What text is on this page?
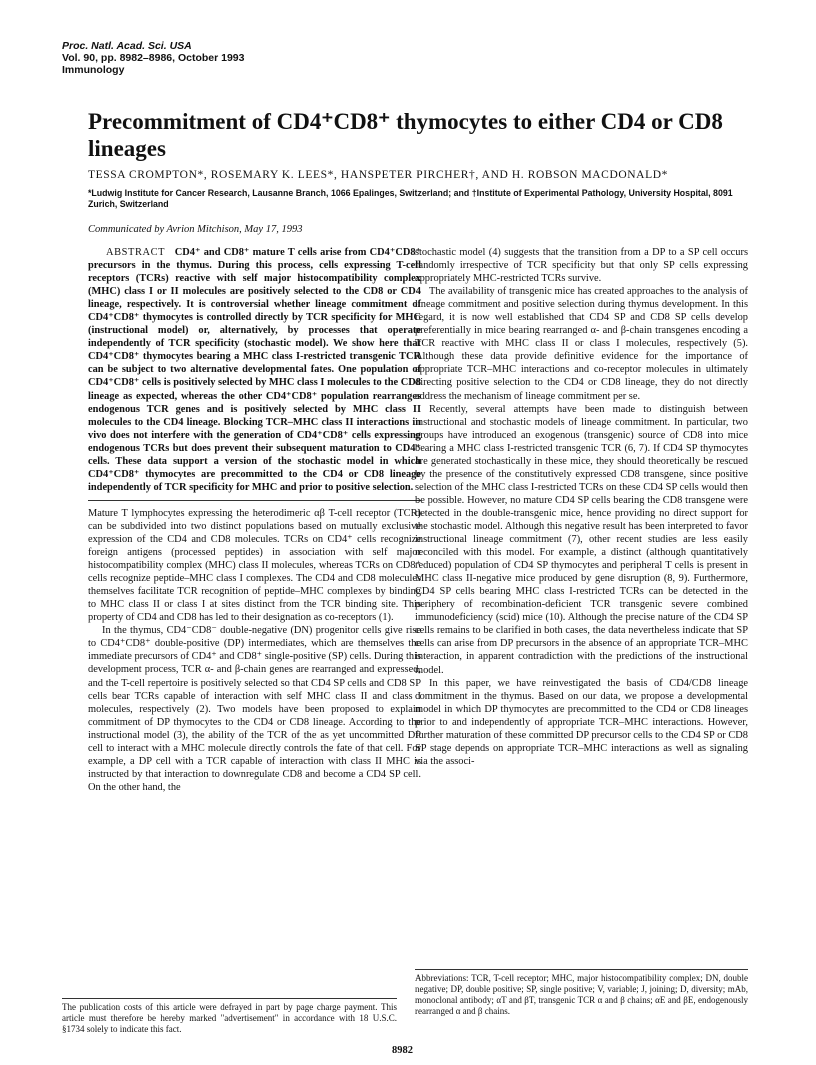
Proc. Natl. Acad. Sci. USA
Vol. 90, pp. 8982–8986, October 1993
Immunology
Precommitment of CD4⁺CD8⁺ thymocytes to either CD4 or CD8 lineages
TESSA CROMPTON*, ROSEMARY K. LEES*, HANSPETER PIRCHER†, AND H. ROBSON MACDONALD*
*Ludwig Institute for Cancer Research, Lausanne Branch, 1066 Epalinges, Switzerland; and †Institute of Experimental Pathology, University Hospital, 8091 Zurich, Switzerland
Communicated by Avrion Mitchison, May 17, 1993

ABSTRACT CD4⁺ and CD8⁺ mature T cells arise from CD4⁺CD8⁺ precursors in the thymus. During this process, cells expressing T-cell receptors (TCRs) reactive with self major histocompatibility complex (MHC) class I or II molecules are positively selected to the CD8 or CD4 lineage, respectively. It is controversial whether lineage commitment of CD4⁺CD8⁺ thymocytes is controlled directly by TCR specificity for MHC (instructional model) or, alternatively, by processes that operate independently of TCR specificity (stochastic model). We show here that CD4⁺CD8⁺ thymocytes bearing a MHC class I-restricted transgenic TCR can be subject to two alternative developmental fates. One population of CD4⁺CD8⁺ cells is positively selected by MHC class I molecules to the CD8 lineage as expected, whereas the other CD4⁺CD8⁺ population rearranges endogenous TCR genes and is positively selected by MHC class II molecules to the CD4 lineage. Blocking TCR–MHC class II interactions in vivo does not interfere with the generation of CD4⁺CD8⁺ cells expressing endogenous TCRs but does prevent their subsequent maturation to CD4⁺ cells. These data support a version of the stochastic model in which CD4⁺CD8⁺ thymocytes are precommitted to the CD4 or CD8 lineage independently of TCR specificity for MHC and prior to positive selection.

Mature T lymphocytes expressing the heterodimeric αβ T-cell receptor (TCR) can be subdivided into two distinct populations based on mutually exclusive expression of the CD4 and CD8 molecules. TCRs on CD4⁺ cells recognize foreign antigens (processed peptides) in association with self major histocompatibility complex (MHC) class II molecules, whereas TCRs on CD8⁺ cells recognize peptide–MHC class I complexes. The CD4 and CD8 molecules themselves facilitate TCR recognition of peptide–MHC complexes by binding to MHC class II or class I at sites distinct from the TCR binding site. This property of CD4 and CD8 has led to their designation as co-receptors (1).

In the thymus, CD4⁻CD8⁻ double-negative (DN) progenitor cells give rise to CD4⁺CD8⁺ double-positive (DP) intermediates, which are themselves the immediate precursors of CD4⁺ and CD8⁺ single-positive (SP) cells. During this development process, TCR α- and β-chain genes are rearranged and expressed, and the T-cell repertoire is positively selected so that CD4 SP cells and CD8 SP cells bear TCRs capable of interaction with self MHC class II and class I molecules, respectively (2). Two models have been proposed to explain commitment of DP thymocytes to the CD4 or CD8 lineage. According to the instructional model (3), the ability of the TCR of the as yet uncommitted DP cell to interact with a MHC molecule directly controls the fate of that cell. For example, a DP cell with a TCR capable of interaction with class II MHC is instructed by that interaction to downregulate CD8 and become a CD4 SP cell. On the other hand, the

stochastic model (4) suggests that the transition from a DP to a SP cell occurs randomly irrespective of TCR specificity but that only SP cells expressing appropriately MHC-restricted TCRs survive.

The availability of transgenic mice has created approaches to the analysis of lineage commitment and positive selection during thymus development. In this regard, it is now well established that CD4 SP and CD8 SP cells develop preferentially in mice bearing rearranged α- and β-chain transgenes encoding a TCR reactive with MHC class II or class I molecules, respectively (5). Although these data provide definitive evidence for the importance of appropriate TCR–MHC interactions and co-receptor molecules in ultimately directing positive selection to the CD4 or CD8 lineage, they do not directly address the mechanism of lineage commitment per se.

Recently, several attempts have been made to distinguish between instructional and stochastic models of lineage commitment. In particular, two groups have introduced an exogenous (transgenic) source of CD8 into mice bearing a MHC class I-restricted transgenic TCR (6, 7). If CD4 SP thymocytes are generated stochastically in these mice, they should theoretically be rescued by the presence of the constitutively expressed CD8 transgene, since positive selection of the MHC class I-restricted TCRs on these CD4 SP cells would then be possible. However, no mature CD4 SP cells bearing the CD8 transgene were detected in the double-transgenic mice, hence providing no direct support for the stochastic model. Although this negative result has been interpreted to favor instructional lineage commitment (7), other recent studies are less easily reconciled with this model. For example, a distinct (although quantitatively reduced) population of CD4 SP thymocytes and peripheral T cells is present in MHC class II-negative mice produced by gene disruption (8, 9). Furthermore, CD4 SP cells bearing MHC class I-restricted TCRs can be detected in the periphery of recombination-deficient TCR transgenic severe combined immunodeficiency (scid) mice (10). Although the precise nature of the CD4 SP cells remains to be clarified in both cases, the data nevertheless indicate that SP cells can arise from DP precursors in the absence of an appropriate TCR–MHC interaction, in apparent contradiction with the predictions of the instructional model.

In this paper, we have reinvestigated the basis of CD4/CD8 lineage commitment in the thymus. Based on our data, we propose a developmental model in which DP thymocytes are precommitted to the CD4 or CD8 lineages prior to and independently of appropriate TCR–MHC interactions. However, further maturation of these committed DP precursor cells to the CD4 SP or CD8 SP stage depends on appropriate TCR–MHC interactions as well as signaling via the associ-

The publication costs of this article were defrayed in part by page charge payment. This article must therefore be hereby marked "advertisement" in accordance with 18 U.S.C. §1734 solely to indicate this fact.
Abbreviations: TCR, T-cell receptor; MHC, major histocompatibility complex; DN, double negative; DP, double positive; SP, single positive; V, variable; J, joining; D, diversity; mAb, monoclonal antibody; αT and βT, transgenic TCR α and β chains; αE and βE, endogenously rearranged α and β chains.
8982
